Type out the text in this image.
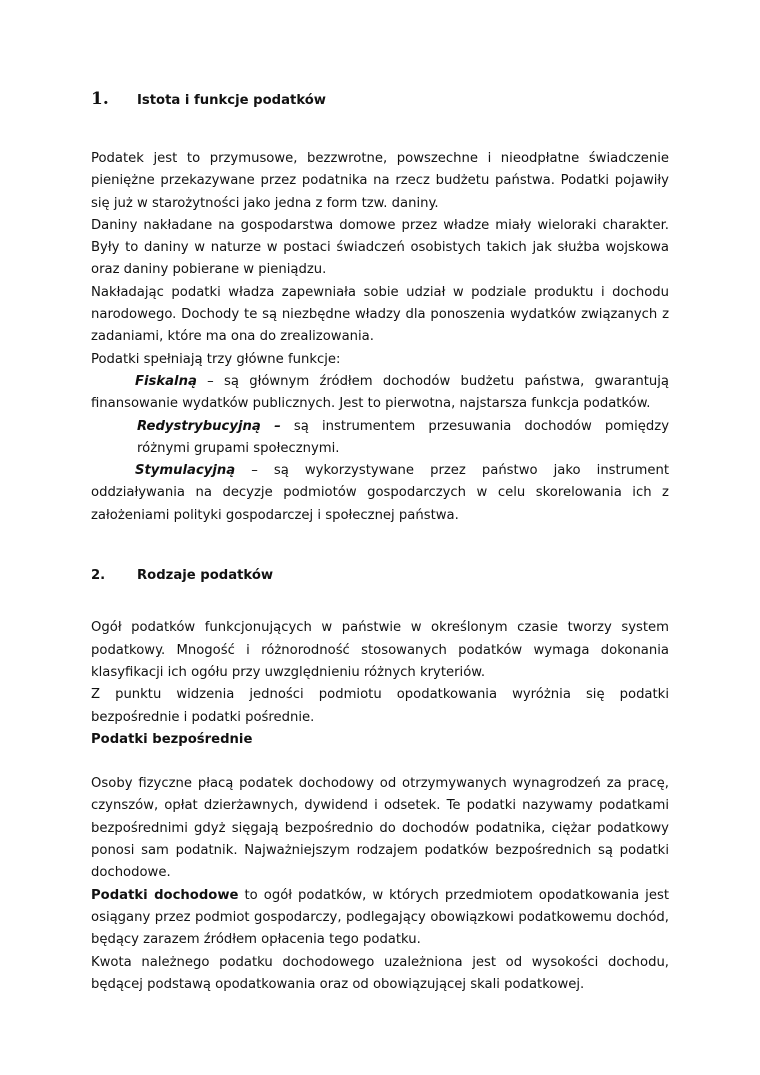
1.	Istota i funkcje podatków

Podatek jest to przymusowe, bezzwrotne, powszechne i nieodpłatne świadczenie pieniężne przekazywane przez podatnika na rzecz budżetu państwa. Podatki pojawiły się już w starożytności jako jedna z form tzw. daniny.

Daniny nakładane na gospodarstwa domowe przez władze miały wieloraki charakter. Były to daniny w naturze w postaci świadczeń osobistych takich jak służba wojskowa oraz daniny pobierane w pieniądzu.

Nakładając podatki władza zapewniała sobie udział w podziale produktu i dochodu narodowego. Dochody te są niezbędne władzy dla ponoszenia wydatków związanych z zadaniami, które ma ona do zrealizowania.

Podatki spełniają trzy główne funkcje:

Fiskalną – są głównym źródłem dochodów budżetu państwa, gwarantują finansowanie wydatków publicznych. Jest to pierwotna, najstarsza funkcja podatków.

Redystrybucyjną – są instrumentem przesuwania dochodów pomiędzy różnymi grupami społecznymi.

Stymulacyjną – są wykorzystywane przez państwo jako instrument oddziaływania na decyzje podmiotów gospodarczych w celu skorelowania ich z założeniami polityki gospodarczej i społecznej państwa.

2.	Rodzaje podatków

Ogół podatków funkcjonujących w państwie w określonym czasie tworzy system podatkowy. Mnogość i różnorodność stosowanych podatków wymaga dokonania klasyfikacji ich ogółu przy uwzględnieniu różnych kryteriów.

Z punktu widzenia jedności podmiotu opodatkowania wyróżnia się podatki bezpośrednie i podatki pośrednie.

Podatki bezpośrednie

Osoby fizyczne płacą podatek dochodowy od otrzymywanych wynagrodzeń za pracę, czynszów, opłat dzierżawnych, dywidend i odsetek. Te podatki nazywamy podatkami bezpośrednimi gdyż sięgają bezpośrednio do dochodów podatnika, ciężar podatkowy ponosi sam podatnik. Najważniejszym rodzajem podatków bezpośrednich są podatki dochodowe.

Podatki dochodowe to ogół podatków, w których przedmiotem opodatkowania jest osiągany przez podmiot gospodarczy, podlegający obowiązkowi podatkowemu dochód, będący zarazem źródłem opłacenia tego podatku.

Kwota należnego podatku dochodowego uzależniona jest od wysokości dochodu, będącej podstawą opodatkowania oraz od obowiązującej skali podatkowej.
